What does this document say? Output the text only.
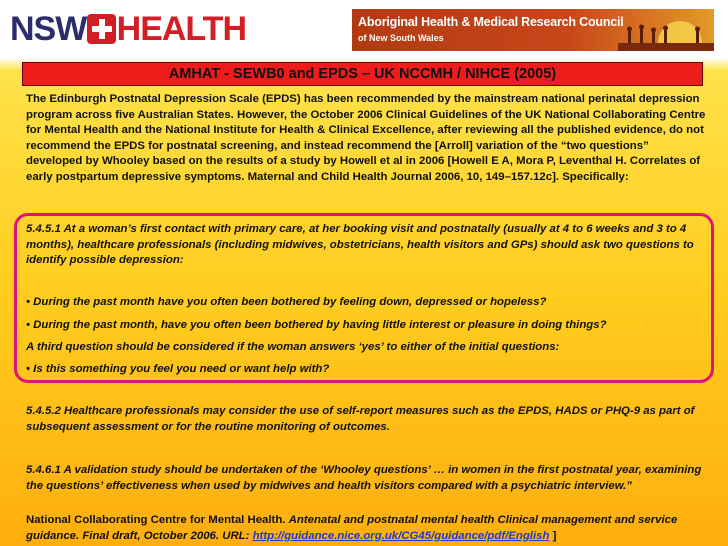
NSW HEALTH	Aboriginal Health & Medical Research Council
of New South Wales
AMHAT - SEWB0 and EPDS – UK NCCMH / NIHCE (2005)

The Edinburgh Postnatal Depression Scale (EPDS) has been recommended by the mainstream national perinatal depression program across five Australian States. However, the October 2006 Clinical Guidelines of the UK National Collaborating Centre for Mental Health and the National Institute for Health & Clinical Excellence, after reviewing all the published evidence, do not recommend the EPDS for postnatal screening, and instead recommend the [Arroll] variation of the “two questions” developed by Whooley based on the results of a study by Howell et al in 2006 [Howell E A, Mora P, Leventhal H. Correlates of early postpartum depressive symptoms. Maternal and Child Health Journal 2006, 10, 149–157.12c]. Specifically:

5.4.5.1 At a woman’s first contact with primary care, at her booking visit and postnatally (usually at 4 to 6 weeks and 3 to 4 months), healthcare professionals (including midwives, obstetricians, health visitors and GPs) should ask two questions to identify possible depression:

• During the past month have you often been bothered by feeling down, depressed or hopeless?

• During the past month, have you often been bothered by having little interest or pleasure in doing things?

A third question should be considered if the woman answers ‘yes’ to either of the initial questions:

• Is this something you feel you need or want help with?

5.4.5.2 Healthcare professionals may consider the use of self-report measures such as the EPDS, HADS or PHQ-9 as part of subsequent assessment or for the routine monitoring of outcomes.

5.4.6.1 A validation study should be undertaken of the ‘Whooley questions’ … in women in the first postnatal year, examining the questions’ effectiveness when used by midwives and health visitors compared with a psychiatric interview.”

National Collaborating Centre for Mental Health. Antenatal and postnatal mental health Clinical management and service guidance. Final draft, October 2006. URL: http://guidance.nice.org.uk/CG45/guidance/pdf/English ]
